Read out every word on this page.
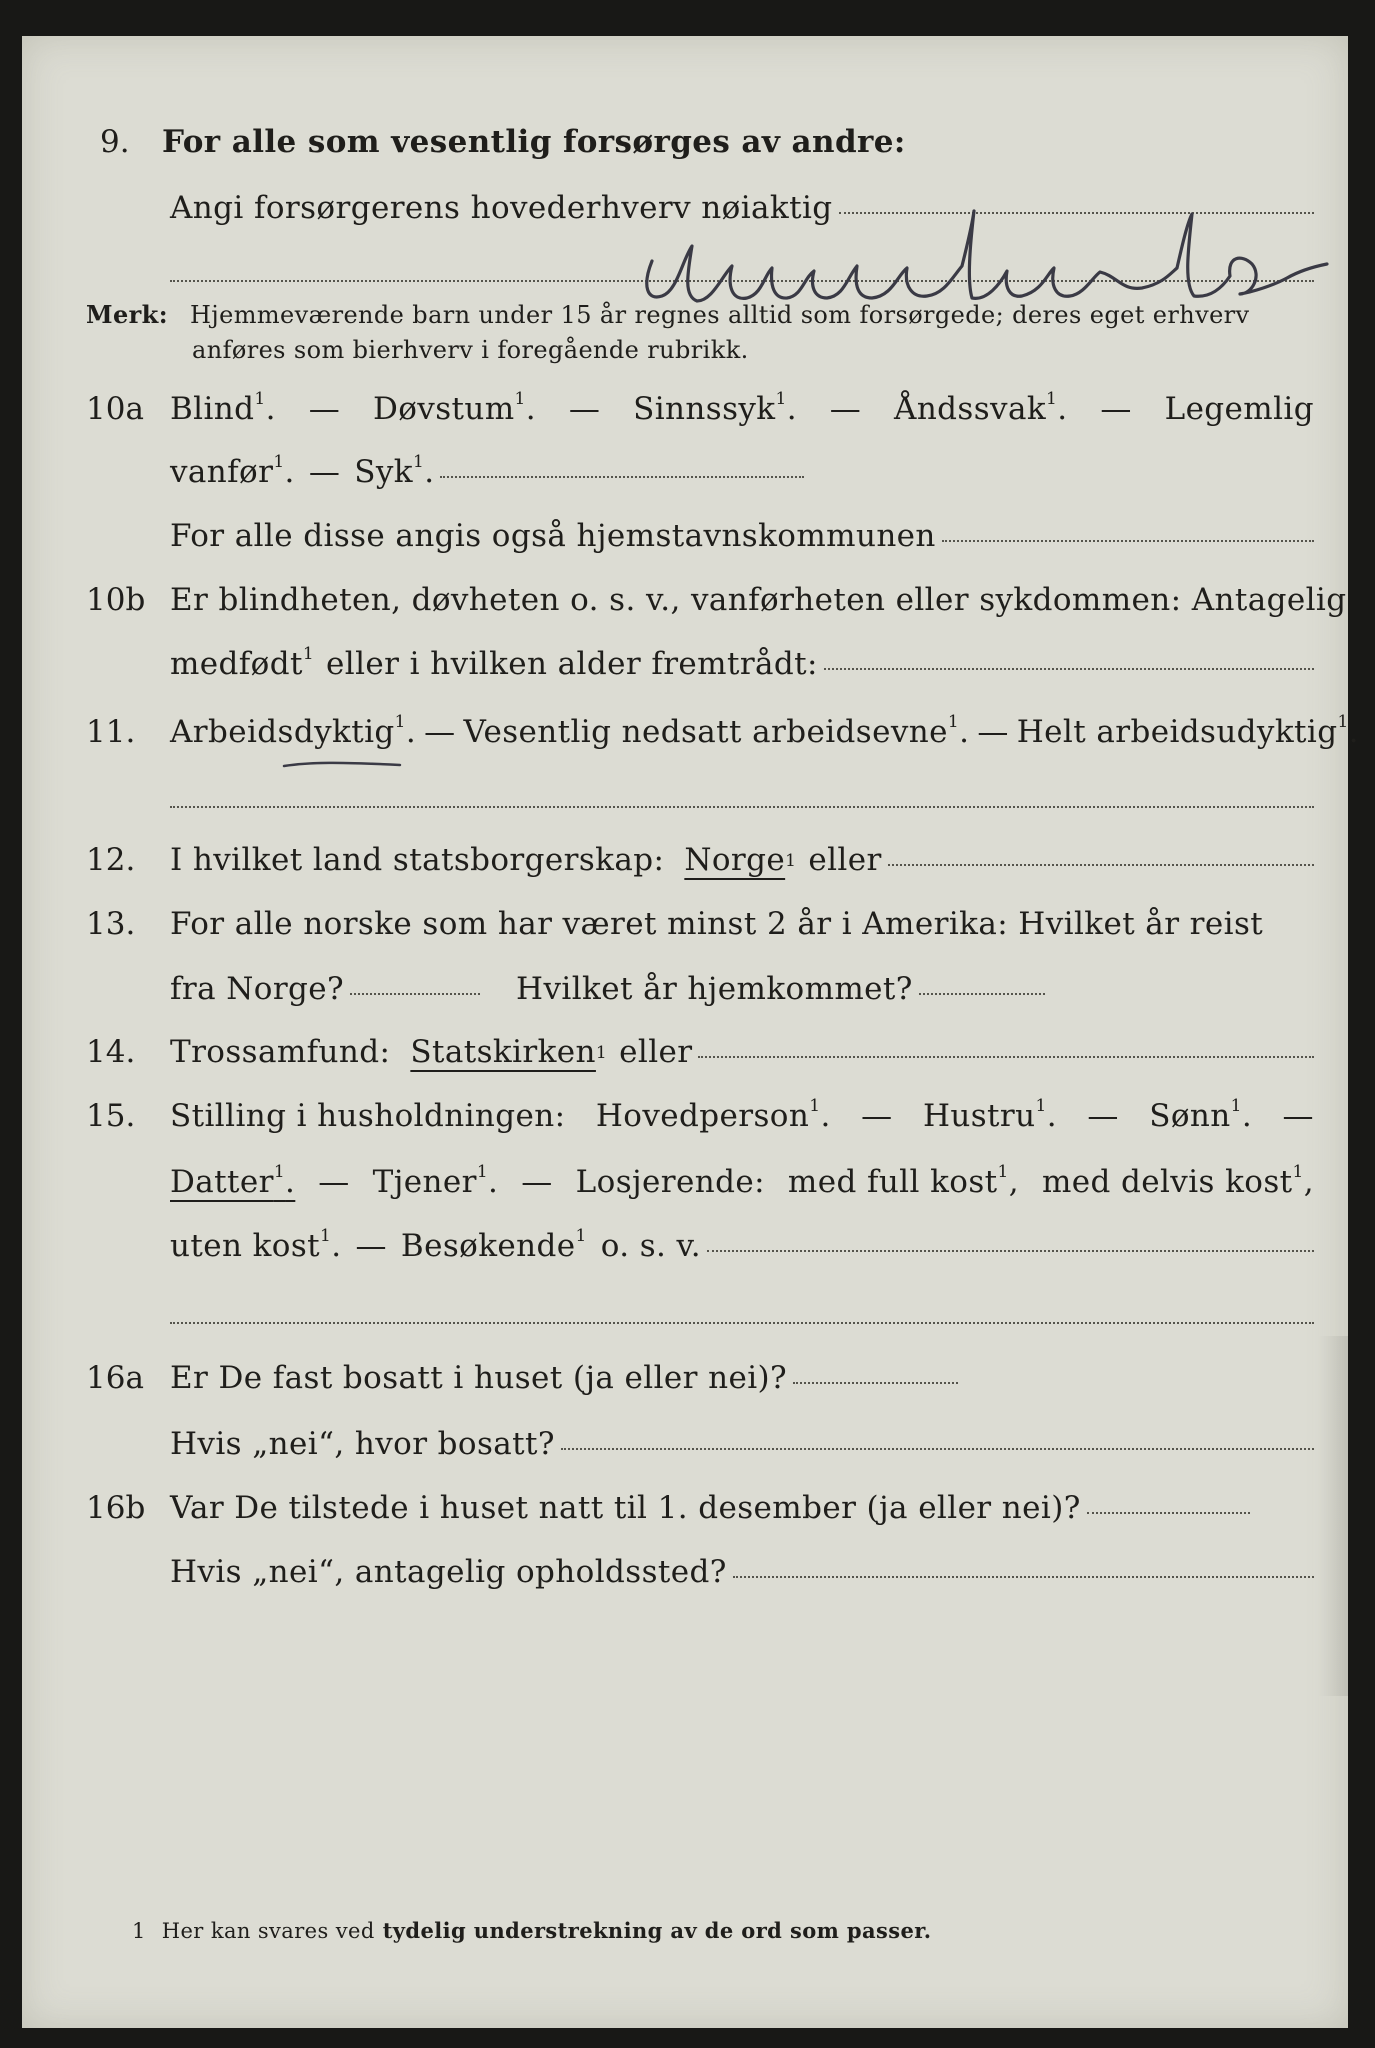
9. For alle som vesentlig forsørges av andre:
Angi forsørgerens hovederhverv nøiaktig
Merk: Hjemmeværende barn under 15 år regnes alltid som forsørgede; deres eget erhverv
anføres som bierhverv i foregående rubrikk.
10a Blind$^1$. — Døvstum$^1$. — Sinnssyk$^1$. — Åndssvak$^1$. — Legemlig
vanfør$^1$. — Syk$^1$.
For alle disse angis også hjemstavnskommunen
10b Er blindheten, døvheten o. s. v., vanførheten eller sykdommen: Antagelig
medfødt$^1$ eller i hvilken alder fremtrådt:
11. Arbeidsdyktig$^1$. — Vesentlig nedsatt arbeidsevne$^1$. — Helt arbeidsudyktig$^1$.
12. I hvilket land statsborgerskap: Norge$^1$ eller
13. For alle norske som har været minst 2 år i Amerika: Hvilket år reist
fra Norge?	Hvilket år hjemkommet?
14. Trossamfund: Statskirken$^1$ eller
15. Stilling i husholdningen: Hovedperson$^1$. — Hustru$^1$. — Sønn$^1$. —
Datter$^1$. — Tjener$^1$. — Losjerende: med full kost$^1$, med delvis kost$^1$,
uten kost$^1$. — Besøkende$^1$ o. s. v.
16a Er De fast bosatt i huset (ja eller nei)?
Hvis „nei“, hvor bosatt?
16b Var De tilstede i huset natt til 1. desember (ja eller nei)?
Hvis „nei“, antagelig opholdssted?
1 Her kan svares ved tydelig understrekning av de ord som passer.
